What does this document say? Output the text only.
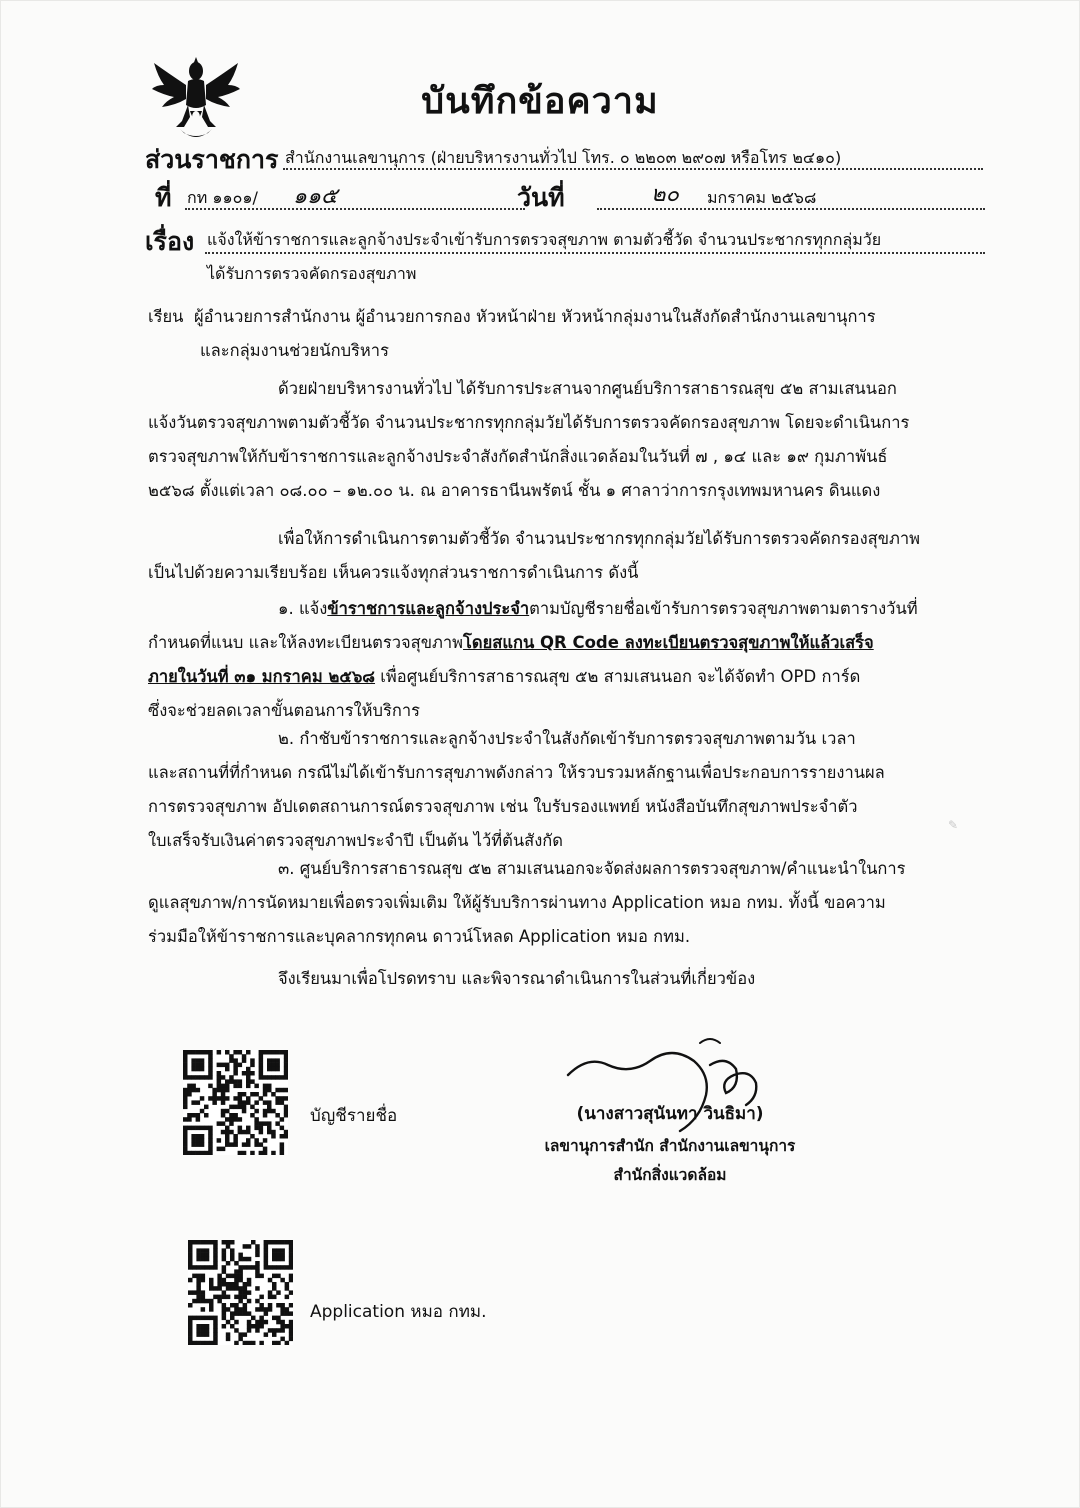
บันทึกข้อความ
ส่วนราชการ สำนักงานเลขานุการ (ฝ่ายบริหารงานทั่วไป โทร. ๐ ๒๒๐๓ ๒๙๐๗ หรือโทร ๒๔๑๐)
ที่ กท ๑๑๐๑/ ๑๑๕	วันที่	๒๐ มกราคม ๒๕๖๘
เรื่อง แจ้งให้ข้าราชการและลูกจ้างประจำเข้ารับการตรวจสุขภาพ ตามตัวชี้วัด จำนวนประชากรทุกกลุ่มวัย
ได้รับการตรวจคัดกรองสุขภาพ
เรียน ผู้อำนวยการสำนักงาน ผู้อำนวยการกอง หัวหน้าฝ่าย หัวหน้ากลุ่มงานในสังกัดสำนักงานเลขานุการ
และกลุ่มงานช่วยนักบริหาร
ด้วยฝ่ายบริหารงานทั่วไป ได้รับการประสานจากศูนย์บริการสาธารณสุข ๕๒ สามเสนนอก
แจ้งวันตรวจสุขภาพตามตัวชี้วัด จำนวนประชากรทุกกลุ่มวัยได้รับการตรวจคัดกรองสุขภาพ โดยจะดำเนินการ
ตรวจสุขภาพให้กับข้าราชการและลูกจ้างประจำสังกัดสำนักสิ่งแวดล้อมในวันที่ ๗ , ๑๔ และ ๑๙ กุมภาพันธ์
๒๕๖๘ ตั้งแต่เวลา ๐๘.๐๐ – ๑๒.๐๐ น. ณ อาคารธานีนพรัตน์ ชั้น ๑ ศาลาว่าการกรุงเทพมหานคร ดินแดง
เพื่อให้การดำเนินการตามตัวชี้วัด จำนวนประชากรทุกกลุ่มวัยได้รับการตรวจคัดกรองสุขภาพ
เป็นไปด้วยความเรียบร้อย เห็นควรแจ้งทุกส่วนราชการดำเนินการ ดังนี้
๑. แจ้งข้าราชการและลูกจ้างประจำตามบัญชีรายชื่อเข้ารับการตรวจสุขภาพตามตารางวันที่
กำหนดที่แนบ และให้ลงทะเบียนตรวจสุขภาพโดยสแกน QR Code ลงทะเบียนตรวจสุขภาพให้แล้วเสร็จ
ภายในวันที่ ๓๑ มกราคม ๒๕๖๘ เพื่อศูนย์บริการสาธารณสุข ๕๒ สามเสนนอก จะได้จัดทำ OPD การ์ด
ซึ่งจะช่วยลดเวลาขั้นตอนการให้บริการ
๒. กำชับข้าราชการและลูกจ้างประจำในสังกัดเข้ารับการตรวจสุขภาพตามวัน เวลา
และสถานที่ที่กำหนด กรณีไม่ได้เข้ารับการสุขภาพดังกล่าว ให้รวบรวมหลักฐานเพื่อประกอบการรายงานผล
การตรวจสุขภาพ อัปเดตสถานการณ์ตรวจสุขภาพ เช่น ใบรับรองแพทย์ หนังสือบันทึกสุขภาพประจำตัว
ใบเสร็จรับเงินค่าตรวจสุขภาพประจำปี เป็นต้น ไว้ที่ต้นสังกัด
๓. ศูนย์บริการสาธารณสุข ๕๒ สามเสนนอกจะจัดส่งผลการตรวจสุขภาพ/คำแนะนำในการ
ดูแลสุขภาพ/การนัดหมายเพื่อตรวจเพิ่มเติม ให้ผู้รับบริการผ่านทาง Application หมอ กทม. ทั้งนี้ ขอความ
ร่วมมือให้ข้าราชการและบุคลากรทุกคน ดาวน์โหลด Application หมอ กทม.
จึงเรียนมาเพื่อโปรดทราบ และพิจารณาดำเนินการในส่วนที่เกี่ยวข้อง
บัญชีรายชื่อ	(นางสาวสุนันทา วินธิมา)
เลขานุการสำนัก สำนักงานเลขานุการ
สำนักสิ่งแวดล้อม
Application หมอ กทม.
✎
